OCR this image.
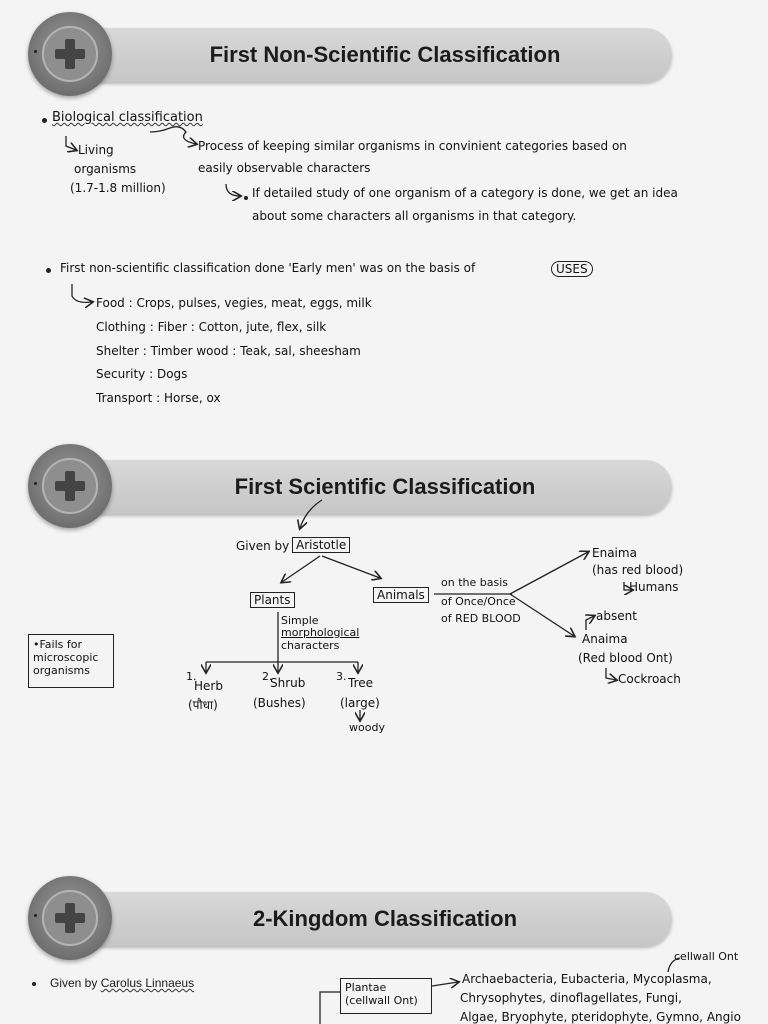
First Non-Scientific Classification
Biological classification
Living
organisms
(1.7-1.8 million)
Process of keeping similar organisms in convinient categories based on
easily observable characters
If detailed study of one organism of a category is done, we get an idea
about some characters all organisms in that category.
First non-scientific classification done 'Early men' was on the basis of	USES
Food : Crops, pulses, vegies, meat, eggs, milk
Clothing : Fiber : Cotton, jute, flex, silk
Shelter : Timber wood : Teak, sal, sheesham
Security : Dogs
Transport : Horse, ox
First Scientific Classification
Given by Aristotle
Plants	Animals
on the basis
of Once/Once
of RED BLOOD
Enaima
(has red blood)
Humans
absent
Anaima
(Red blood Ont)
Cockroach
Simple
morphological
characters
1.
Herb
(पौधा)
2.
Shrub
(Bushes)
3. Tree
(large)
woody
•Fails for
microscopic
organisms
2-Kingdom Classification
Given by Carolus Linnaeus	Plantae
(cellwall Ont)
cellwall Ont
Archaebacteria, Eubacteria, Mycoplasma,
Chrysophytes, dinoflagellates, Fungi,
Algae, Bryophyte, pteridophyte, Gymno, Angio
